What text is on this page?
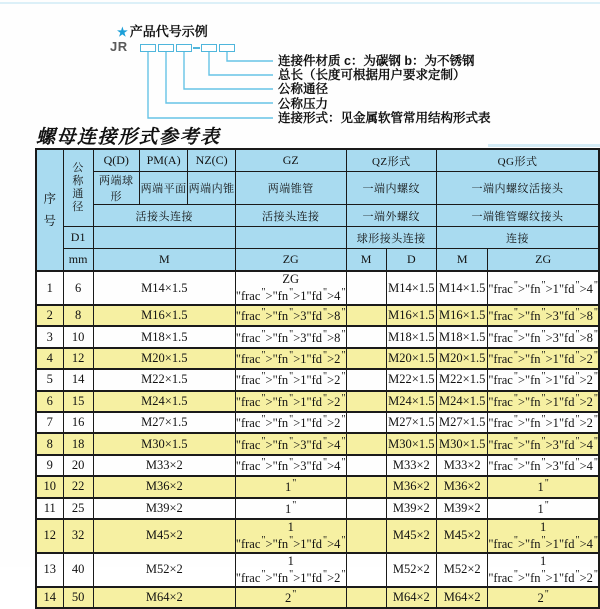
★ 产品代号示例
JR
连接件材质 c：为碳钢 b：为不锈钢
总长（长度可根据用户要求定制）
公称通径
公称压力
连接形式：见金属软管常用结构形式表
螺母连接形式参考表
序
号	公
称
通
径	Q(D)	PM(A)	NZ(C)	GZ	QZ形式		QG形式	
		两端球形	两端平面	两端内锥	两端锥管	一端内螺纹		一端内螺纹活接头	
		活接头连接			活接头连接	一端外螺纹		一端锥管螺纹接头	
	D1					球形接头连接		连接	
	mm	M			ZG	M	D	M	ZG
1	6	M14×1.5			ZG "frac">"fn">1"fd">4"		M14×1.5	M14×1.5	"frac">"fn">1"fd">4"
2	8	M16×1.5			"frac">"fn">3"fd">8"		M16×1.5	M16×1.5	"frac">"fn">3"fd">8"
3	10	M18×1.5			"frac">"fn">3"fd">8"		M18×1.5	M18×1.5	"frac">"fn">3"fd">8"
4	12	M20×1.5			"frac">"fn">1"fd">2"		M20×1.5	M20×1.5	"frac">"fn">1"fd">2"
5	14	M22×1.5			"frac">"fn">1"fd">2"		M22×1.5	M22×1.5	"frac">"fn">1"fd">2"
6	15	M24×1.5			"frac">"fn">1"fd">2"		M24×1.5	M24×1.5	"frac">"fn">1"fd">2"
7	16	M27×1.5			"frac">"fn">1"fd">2"		M27×1.5	M27×1.5	"frac">"fn">1"fd">2"
8	18	M30×1.5			"frac">"fn">3"fd">4"		M30×1.5	M30×1.5	"frac">"fn">3"fd">4"
9	20	M33×2			"frac">"fn">3"fd">4"		M33×2	M33×2	"frac">"fn">3"fd">4"
10	22	M36×2			1"		M36×2	M36×2	1"
11	25	M39×2			1"		M39×2	M39×2	1"
12	32	M45×2			1 "frac">"fn">1"fd">4"		M45×2	M45×2	1 "frac">"fn">1"fd">4"
13	40	M52×2			1 "frac">"fn">1"fd">2"		M52×2	M52×2	1 "frac">"fn">1"fd">2"
14	50	M64×2			2"		M64×2	M64×2	2"
